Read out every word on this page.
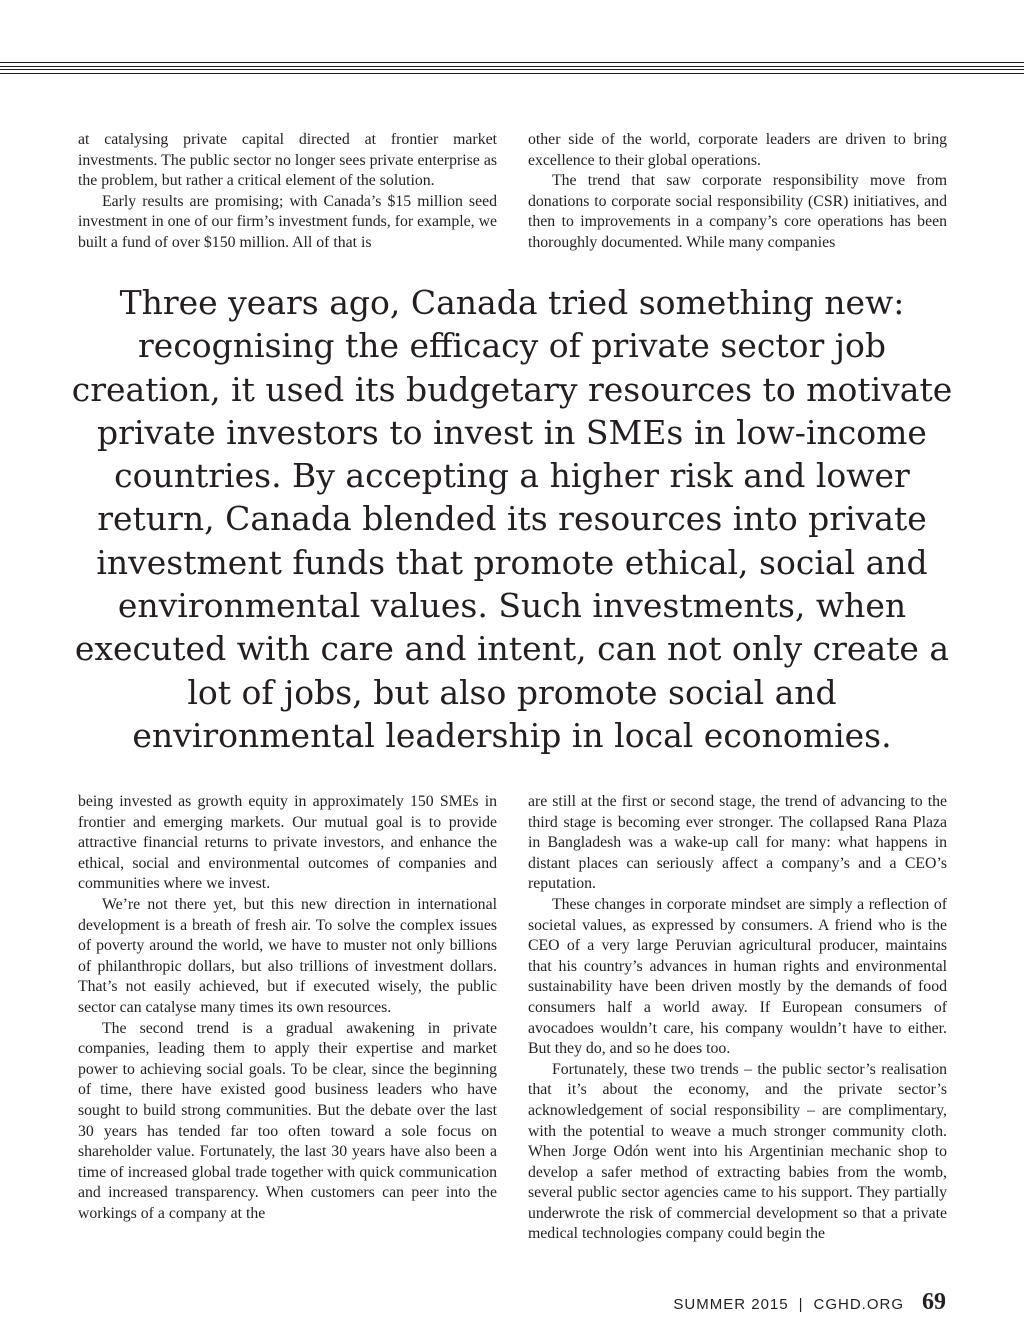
at catalysing private capital directed at frontier market investments. The public sector no longer sees private enterprise as the problem, but rather a critical element of the solution.

Early results are promising; with Canada’s $15 million seed investment in one of our firm’s investment funds, for example, we built a fund of over $150 million. All of that is

other side of the world, corporate leaders are driven to bring excellence to their global operations.

The trend that saw corporate responsibility move from donations to corporate social responsibility (CSR) initiatives, and then to improvements in a company’s core operations has been thoroughly documented. While many companies

Three years ago, Canada tried something new: recognising the efficacy of private sector job creation, it used its budgetary resources to motivate private investors to invest in SMEs in low-income countries. By accepting a higher risk and lower return, Canada blended its resources into private investment funds that promote ethical, social and environmental values. Such investments, when executed with care and intent, can not only create a lot of jobs, but also promote social and environmental leadership in local economies.

being invested as growth equity in approximately 150 SMEs in frontier and emerging markets. Our mutual goal is to provide attractive financial returns to private investors, and enhance the ethical, social and environmental outcomes of companies and communities where we invest.

We’re not there yet, but this new direction in international development is a breath of fresh air. To solve the complex issues of poverty around the world, we have to muster not only billions of philanthropic dollars, but also trillions of investment dollars. That’s not easily achieved, but if executed wisely, the public sector can catalyse many times its own resources.

The second trend is a gradual awakening in private companies, leading them to apply their expertise and market power to achieving social goals. To be clear, since the beginning of time, there have existed good business leaders who have sought to build strong communities. But the debate over the last 30 years has tended far too often toward a sole focus on shareholder value. Fortunately, the last 30 years have also been a time of increased global trade together with quick communication and increased transparency. When customers can peer into the workings of a company at the

are still at the first or second stage, the trend of advancing to the third stage is becoming ever stronger. The collapsed Rana Plaza in Bangladesh was a wake-up call for many: what happens in distant places can seriously affect a company’s and a CEO’s reputation.

These changes in corporate mindset are simply a reflection of societal values, as expressed by consumers. A friend who is the CEO of a very large Peruvian agricultural producer, maintains that his country’s advances in human rights and environmental sustainability have been driven mostly by the demands of food consumers half a world away. If European consumers of avocadoes wouldn’t care, his company wouldn’t have to either. But they do, and so he does too.

Fortunately, these two trends – the public sector’s realisation that it’s about the economy, and the private sector’s acknowledgement of social responsibility – are complimentary, with the potential to weave a much stronger community cloth. When Jorge Odón went into his Argentinian mechanic shop to develop a safer method of extracting babies from the womb, several public sector agencies came to his support. They partially underwrote the risk of commercial development so that a private medical technologies company could begin the

SUMMER 2015 | CGHD.ORG 69
